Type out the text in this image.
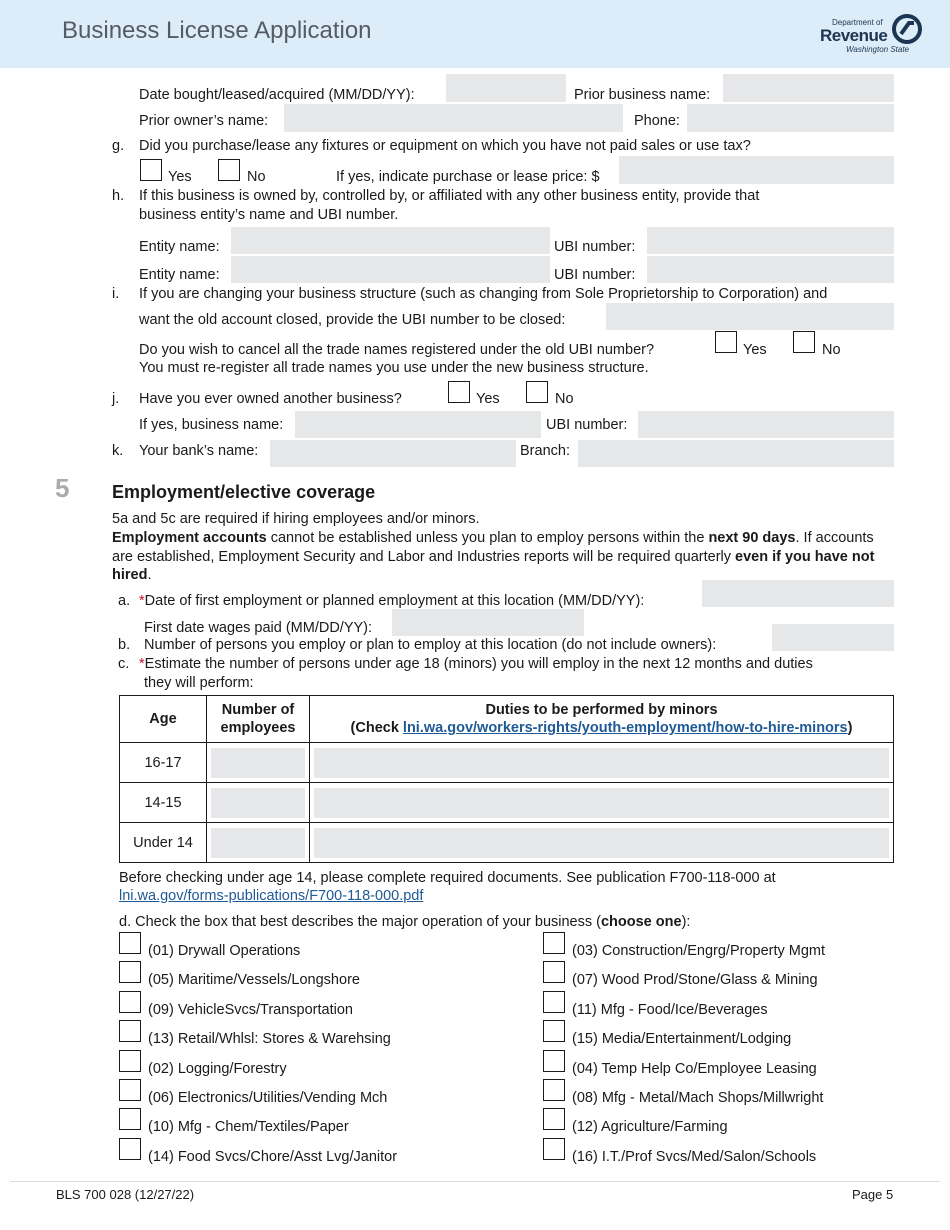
Business License Application	Department of
Revenue
Washington State
Date bought/leased/acquired (MM/DD/YY):	Prior business name:
Prior owner’s name:	Phone:
g. Did you purchase/lease any fixtures or equipment on which you have not paid sales or use tax?
Yes	No	If yes, indicate purchase or lease price: $
h. If this business is owned by, controlled by, or affiliated with any other business entity, provide that
business entity’s name and UBI number.
Entity name:	UBI number:
Entity name:	UBI number:
i. If you are changing your business structure (such as changing from Sole Proprietorship to Corporation) and
want the old account closed, provide the UBI number to be closed:
Do you wish to cancel all the trade names registered under the old UBI number?	Yes	No
You must re-register all trade names you use under the new business structure.
j. Have you ever owned another business?	Yes	No
If yes, business name:	UBI number:
k. Your bank’s name:	Branch:
5 Employment/elective coverage
5a and 5c are required if hiring employees and/or minors.
Employment accounts cannot be established unless you plan to employ persons within the next 90 days. If accounts are established, Employment Security and Labor and Industries reports will be required quarterly even if you have not hired.
a. *Date of first employment or planned employment at this location (MM/DD/YY):
First date wages paid (MM/DD/YY):
b. Number of persons you employ or plan to employ at this location (do not include owners):
c. *Estimate the number of persons under age 18 (minors) you will employ in the next 12 months and duties
they will perform:
Age	Number of
employees	Duties to be performed by minors
(Check lni.wa.gov/workers-rights/youth-employment/how-to-hire-minors)
16-17	

14-15	

Under 14	

Before checking under age 14, please complete required documents. See publication F700-118-000 at
lni.wa.gov/forms-publications/F700-118-000.pdf
d. Check the box that best describes the major operation of your business (choose one):
(01) Drywall Operations
(05) Maritime/Vessels/Longshore
(09) VehicleSvcs/Transportation
(13) Retail/Whlsl: Stores & Warehsing
(02) Logging/Forestry
(06) Electronics/Utilities/Vending Mch
(10) Mfg - Chem/Textiles/Paper
(14) Food Svcs/Chore/Asst Lvg/Janitor
(03) Construction/Engrg/Property Mgmt
(07) Wood Prod/Stone/Glass & Mining
(11) Mfg - Food/Ice/Beverages
(15) Media/Entertainment/Lodging
(04) Temp Help Co/Employee Leasing
(08) Mfg - Metal/Mach Shops/Millwright
(12) Agriculture/Farming
(16) I.T./Prof Svcs/Med/Salon/Schools
BLS 700 028 (12/27/22)	Page 5
